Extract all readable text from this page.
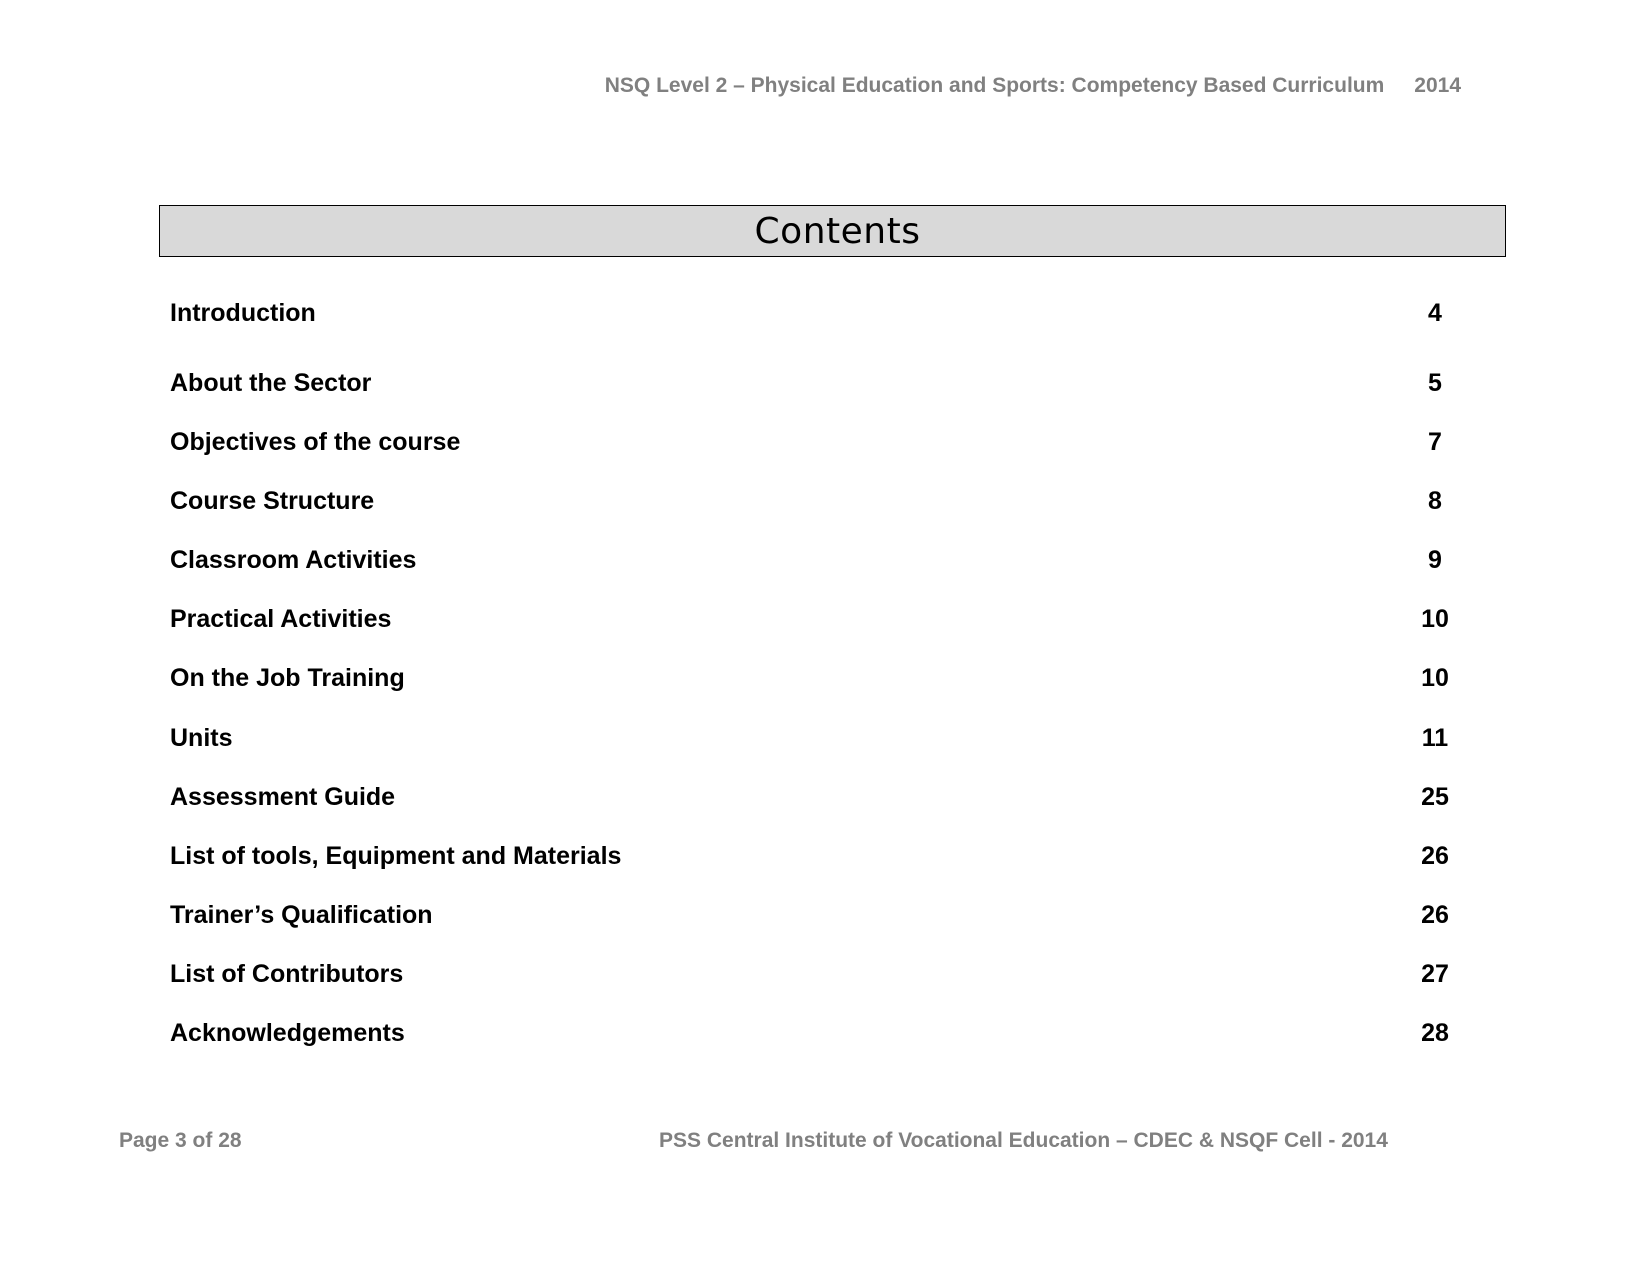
NSQ Level 2 – Physical Education and Sports: Competency Based Curriculum 2014
Contents
Introduction	4
About the Sector	5
Objectives of the course	7
Course Structure	8
Classroom Activities	9
Practical Activities	10
On the Job Training	10
Units	11
Assessment Guide	25
List of tools, Equipment and Materials	26
Trainer’s Qualification	26
List of Contributors	27
Acknowledgements	28
Page 3 of 28	PSS Central Institute of Vocational Education – CDEC & NSQF Cell - 2014
